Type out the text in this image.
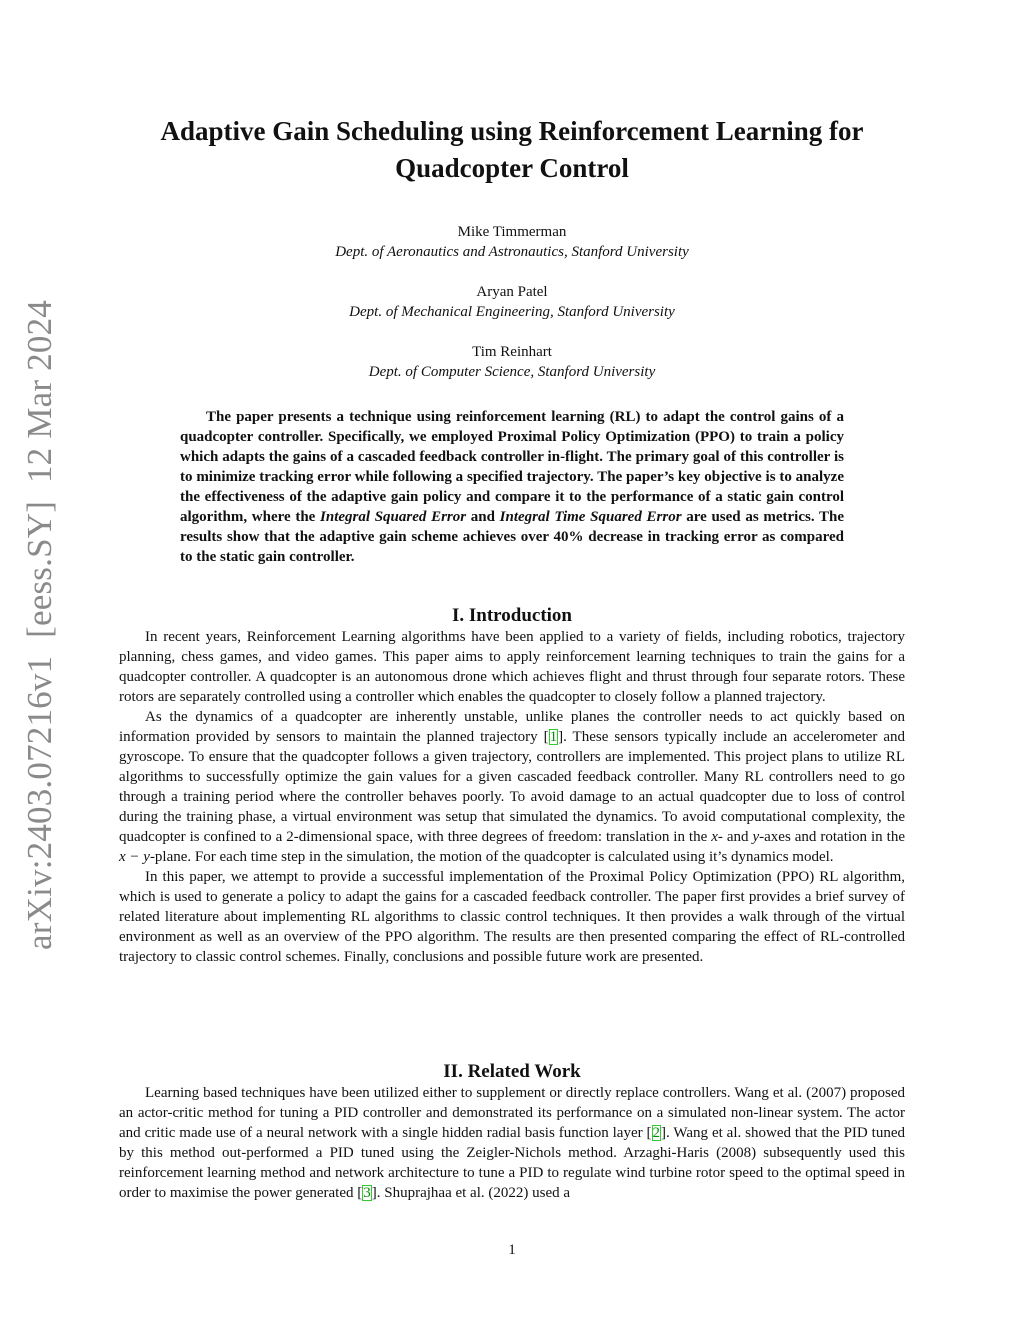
arXiv:2403.07216v1  [eess.SY]  12 Mar 2024
Adaptive Gain Scheduling using Reinforcement Learning for Quadcopter Control
Mike Timmerman
Dept. of Aeronautics and Astronautics, Stanford University
Aryan Patel
Dept. of Mechanical Engineering, Stanford University
Tim Reinhart
Dept. of Computer Science, Stanford University
The paper presents a technique using reinforcement learning (RL) to adapt the control gains of a quadcopter controller. Specifically, we employed Proximal Policy Optimization (PPO) to train a policy which adapts the gains of a cascaded feedback controller in-flight. The primary goal of this controller is to minimize tracking error while following a specified trajectory. The paper’s key objective is to analyze the effectiveness of the adaptive gain policy and compare it to the performance of a static gain control algorithm, where the Integral Squared Error and Integral Time Squared Error are used as metrics. The results show that the adaptive gain scheme achieves over 40% decrease in tracking error as compared to the static gain controller.
I. Introduction

In recent years, Reinforcement Learning algorithms have been applied to a variety of fields, including robotics, trajectory planning, chess games, and video games. This paper aims to apply reinforcement learning techniques to train the gains for a quadcopter controller. A quadcopter is an autonomous drone which achieves flight and thrust through four separate rotors. These rotors are separately controlled using a controller which enables the quadcopter to closely follow a planned trajectory.

As the dynamics of a quadcopter are inherently unstable, unlike planes the controller needs to act quickly based on information provided by sensors to maintain the planned trajectory [1]. These sensors typically include an accelerometer and gyroscope. To ensure that the quadcopter follows a given trajectory, controllers are implemented. This project plans to utilize RL algorithms to successfully optimize the gain values for a given cascaded feedback controller. Many RL controllers need to go through a training period where the controller behaves poorly. To avoid damage to an actual quadcopter due to loss of control during the training phase, a virtual environment was setup that simulated the dynamics. To avoid computational complexity, the quadcopter is confined to a 2-dimensional space, with three degrees of freedom: translation in the x- and y-axes and rotation in the x − y-plane. For each time step in the simulation, the motion of the quadcopter is calculated using it’s dynamics model.

In this paper, we attempt to provide a successful implementation of the Proximal Policy Optimization (PPO) RL algorithm, which is used to generate a policy to adapt the gains for a cascaded feedback controller. The paper first provides a brief survey of related literature about implementing RL algorithms to classic control techniques. It then provides a walk through of the virtual environment as well as an overview of the PPO algorithm. The results are then presented comparing the effect of RL-controlled trajectory to classic control schemes. Finally, conclusions and possible future work are presented.

II. Related Work

Learning based techniques have been utilized either to supplement or directly replace controllers. Wang et al. (2007) proposed an actor-critic method for tuning a PID controller and demonstrated its performance on a simulated non-linear system. The actor and critic made use of a neural network with a single hidden radial basis function layer [2]. Wang et al. showed that the PID tuned by this method out-performed a PID tuned using the Zeigler-Nichols method. Arzaghi-Haris (2008) subsequently used this reinforcement learning method and network architecture to tune a PID to regulate wind turbine rotor speed to the optimal speed in order to maximise the power generated [3]. Shuprajhaa et al. (2022) used a

1
